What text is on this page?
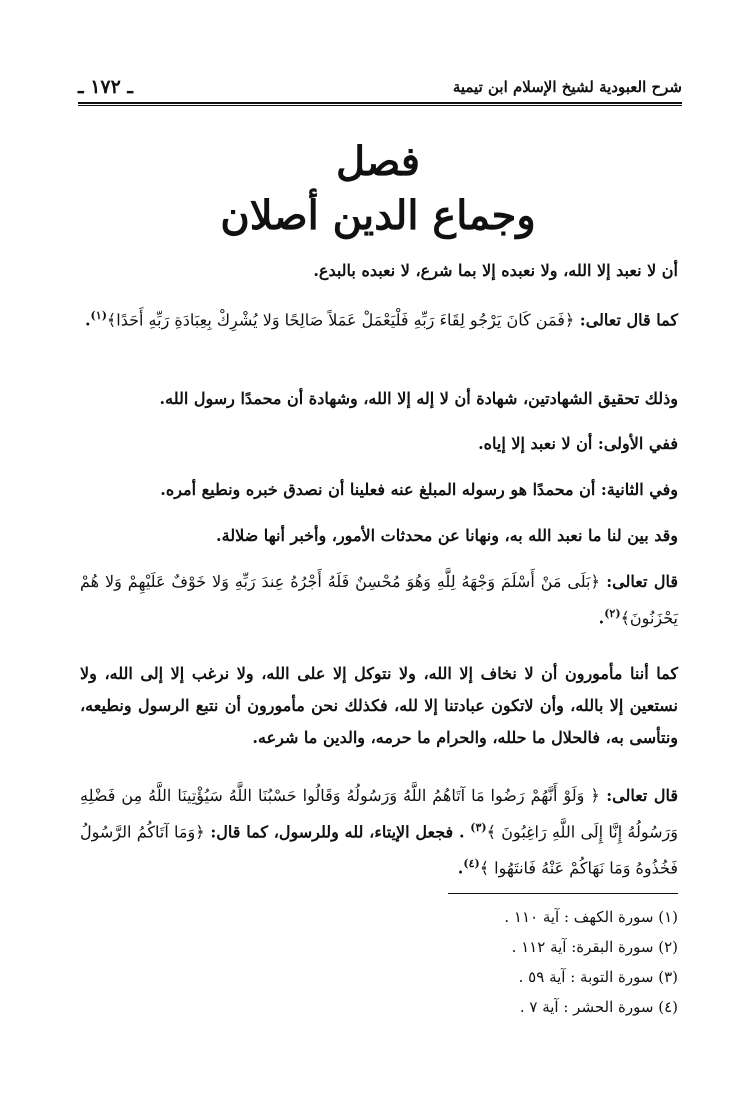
شرح العبودية لشيخ الإسلام ابن تيمية
ـ ١٧٢ ـ
فصل
وجماع الدين أصلان

أن لا نعبد إلا الله، ولا نعبده إلا بما شرع، لا نعبده بالبدع.

كما قال تعالى: ﴿فَمَن كَانَ يَرْجُو لِقَاءَ رَبِّهِ فَلْيَعْمَلْ عَمَلاً صَالِحًا وَلا يُشْرِكْ بِعِبَادَةِ رَبِّهِ أَحَدًا﴾$^{(١)}$.

وذلك تحقيق الشهادتين، شهادة أن لا إله إلا الله، وشهادة أن محمدًا رسول الله.

ففي الأولى: أن لا نعبد إلا إياه.

وفي الثانية: أن محمدًا هو رسوله المبلغ عنه فعلينا أن نصدق خبره ونطيع أمره.

وقد بين لنا ما نعبد الله به، ونهانا عن محدثات الأمور، وأخبر أنها ضلالة.

قال تعالى: ﴿بَلَى مَنْ أَسْلَمَ وَجْهَهُ لِلَّهِ وَهُوَ مُحْسِنٌ فَلَهُ أَجْرُهُ عِندَ رَبِّهِ وَلا خَوْفٌ عَلَيْهِمْ وَلا هُمْ يَحْزَنُونَ﴾$^{(٢)}$.

كما أننا مأمورون أن لا نخاف إلا الله، ولا نتوكل إلا على الله، ولا نرغب إلا إلى الله، ولا نستعين إلا بالله، وأن لاتكون عبادتنا إلا لله، فكذلك نحن مأمورون أن نتبع الرسول ونطيعه، ونتأسى به، فالحلال ما حلله، والحرام ما حرمه، والدين ما شرعه.

قال تعالى: ﴿ وَلَوْ أَنَّهُمْ رَضُوا مَا آتَاهُمُ اللَّهُ وَرَسُولُهُ وَقَالُوا حَسْبُنَا اللَّهُ سَيُؤْتِينَا اللَّهُ مِن فَضْلِهِ وَرَسُولُهُ إِنَّا إِلَى اللَّهِ رَاغِبُونَ ﴾$^{(٣)}$ . فجعل الإيتاء، لله وللرسول، كما قال: ﴿وَمَا آتَاكُمُ الرَّسُولُ فَخُذُوهُ وَمَا نَهَاكُمْ عَنْهُ فَانتَهُوا ﴾$^{(٤)}$.

(١) سورة الكهف : آية ١١٠ .

(٢) سورة البقرة: آية ١١٢ .

(٣) سورة التوبة : آية ٥٩ .

(٤) سورة الحشر : آية ٧ .
